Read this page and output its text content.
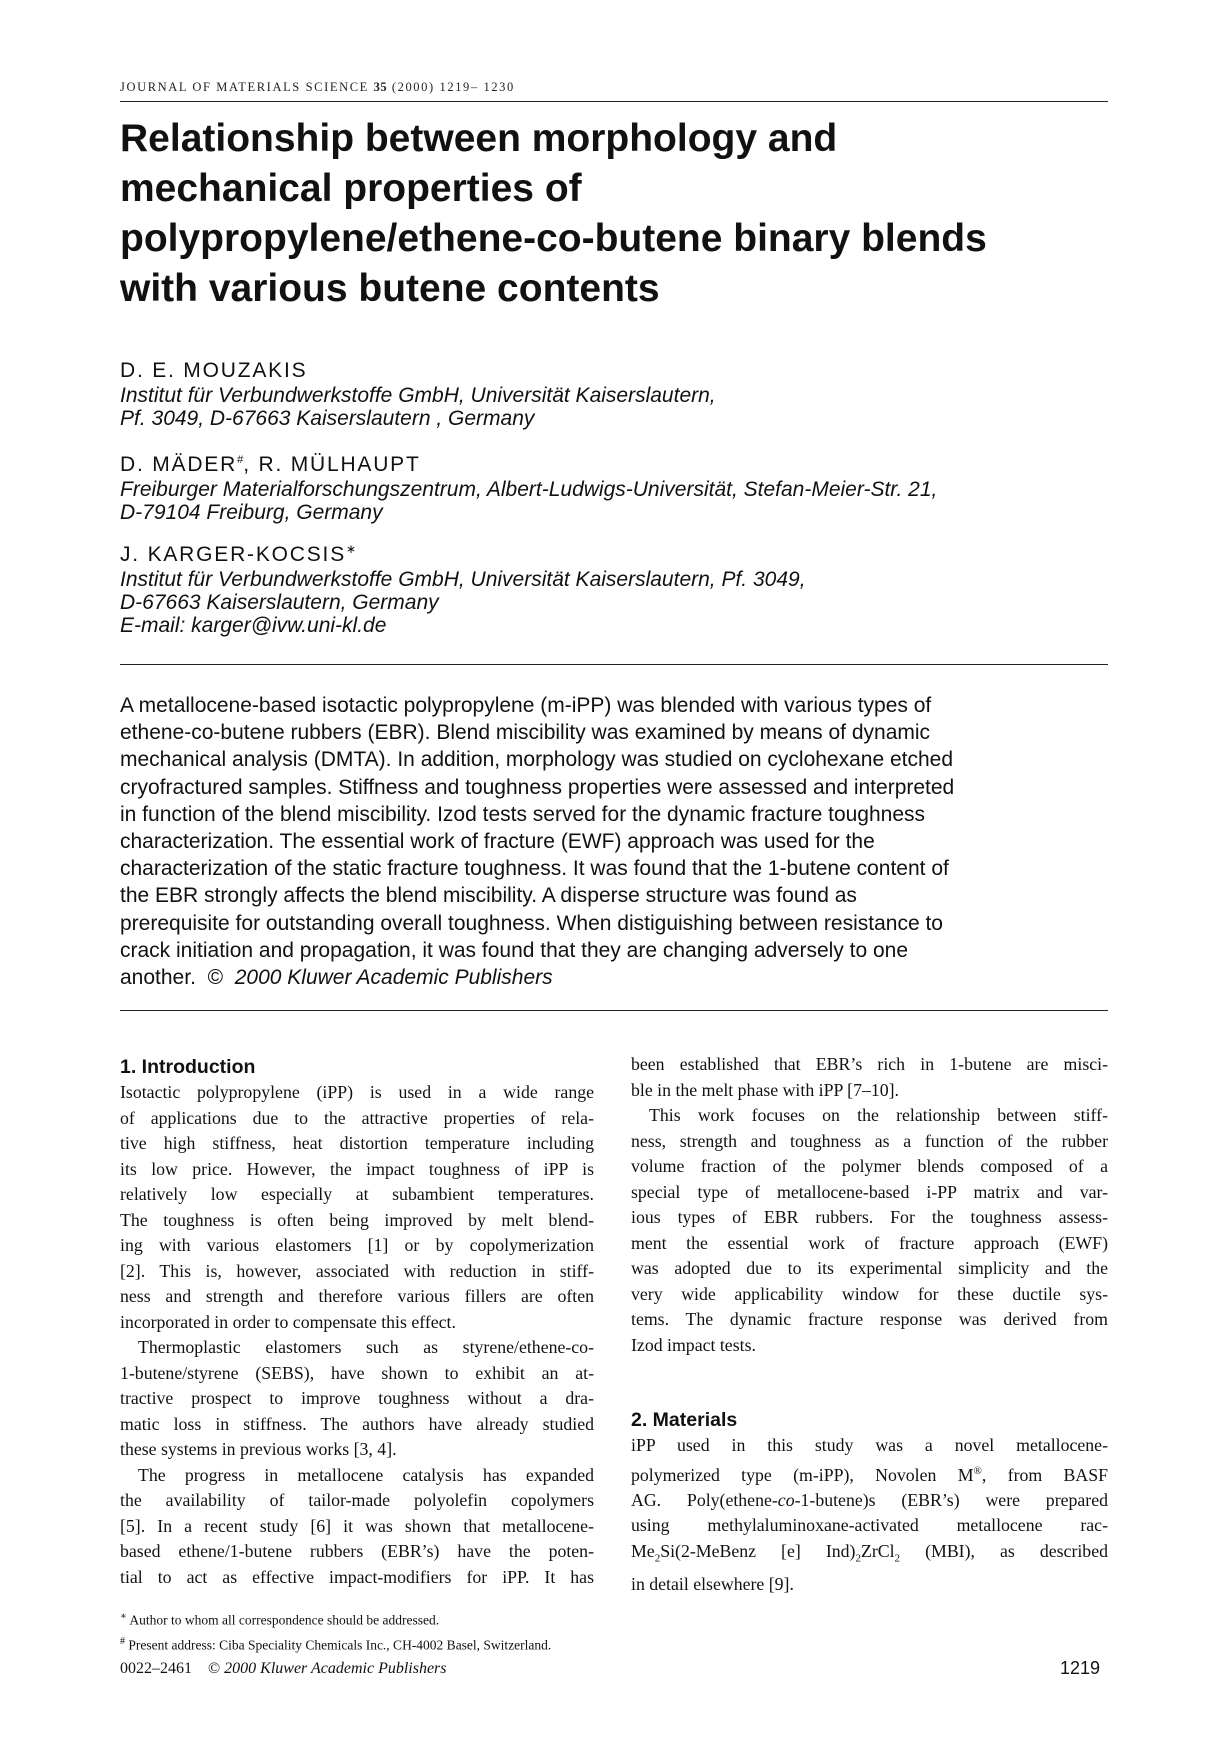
JOURNAL OF MATERIALS SCIENCE 35 (2000) 1219– 1230
Relationship between morphology and
mechanical properties of
polypropylene/ethene-co-butene binary blends
with various butene contents
D. E. MOUZAKIS
Institut für Verbundwerkstoffe GmbH, Universität Kaiserslautern,
Pf. 3049, D-67663 Kaiserslautern , Germany
D. MÄDER#, R. MÜLHAUPT
Freiburger Materialforschungszentrum, Albert-Ludwigs-Universität, Stefan-Meier-Str. 21,
D-79104 Freiburg, Germany
J. KARGER-KOCSIS∗
Institut für Verbundwerkstoffe GmbH, Universität Kaiserslautern, Pf. 3049,
D-67663 Kaiserslautern, Germany
E-mail: karger@ivw.uni-kl.de
A metallocene-based isotactic polypropylene (m-iPP) was blended with various types of
ethene-co-butene rubbers (EBR). Blend miscibility was examined by means of dynamic
mechanical analysis (DMTA). In addition, morphology was studied on cyclohexane etched
cryofractured samples. Stiffness and toughness properties were assessed and interpreted
in function of the blend miscibility. Izod tests served for the dynamic fracture toughness
characterization. The essential work of fracture (EWF) approach was used for the
characterization of the static fracture toughness. It was found that the 1-butene content of
the EBR strongly affects the blend miscibility. A disperse structure was found as
prerequisite for outstanding overall toughness. When distiguishing between resistance to
crack initiation and propagation, it was found that they are changing adversely to one
another. © 2000 Kluwer Academic Publishers
1. Introduction
Isotactic polypropylene (iPP) is used in a wide range
of applications due to the attractive properties of rela-
tive high stiffness, heat distortion temperature including
its low price. However, the impact toughness of iPP is
relatively low especially at subambient temperatures.
The toughness is often being improved by melt blend-
ing with various elastomers [1] or by copolymerization
[2]. This is, however, associated with reduction in stiff-
ness and strength and therefore various fillers are often
incorporated in order to compensate this effect.
Thermoplastic elastomers such as styrene/ethene-co-
1-butene/styrene (SEBS), have shown to exhibit an at-
tractive prospect to improve toughness without a dra-
matic loss in stiffness. The authors have already studied
these systems in previous works [3, 4].
The progress in metallocene catalysis has expanded
the availability of tailor-made polyolefin copolymers
[5]. In a recent study [6] it was shown that metallocene-
based ethene/1-butene rubbers (EBR’s) have the poten-
tial to act as effective impact-modifiers for iPP. It has
been established that EBR’s rich in 1-butene are misci-
ble in the melt phase with iPP [7–10].
This work focuses on the relationship between stiff-
ness, strength and toughness as a function of the rubber
volume fraction of the polymer blends composed of a
special type of metallocene-based i-PP matrix and var-
ious types of EBR rubbers. For the toughness assess-
ment the essential work of fracture approach (EWF)
was adopted due to its experimental simplicity and the
very wide applicability window for these ductile sys-
tems. The dynamic fracture response was derived from
Izod impact tests.
2. Materials
iPP used in this study was a novel metallocene-
polymerized type (m-iPP), Novolen M®, from BASF
AG. Poly(ethene-co-1-butene)s (EBR’s) were prepared
using methylaluminoxane-activated metallocene rac-
$Me_2Si(2$-MeBenz [e] $Ind)_2ZrCl_2$ (MBI), as described
in detail elsewhere [9].
∗ Author to whom all correspondence should be addressed.
# Present address: Ciba Speciality Chemicals Inc., CH-4002 Basel, Switzerland.
0022–2461 © 2000 Kluwer Academic Publishers	1219
